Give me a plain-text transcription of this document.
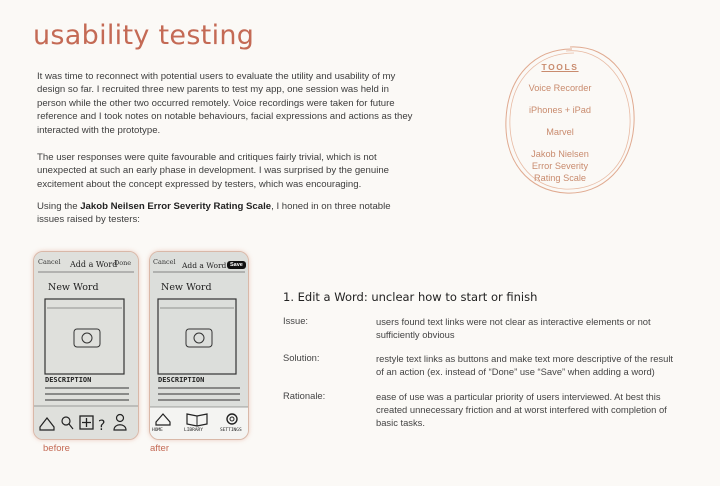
usability testing

It was time to reconnect with potential users to evaluate the utility and usability of my design so far. I recruited three new parents to test my app, one session was held in person while the other two occurred remotely. Voice recordings were taken for future reference and I took notes on notable behaviours, facial expressions and actions as they interacted with the prototype.

The user responses were quite favourable and critiques fairly trivial, which is not unexpected at such an early phase in development. I was surprised by the genuine excitement about the concept expressed by testers, which was encouraging.

Using the Jakob Neilsen Error Severity Rating Scale, I honed in on three notable issues raised by testers:

TOOLS
Voice Recorder
iPhones + iPad
Marvel
Jakob Nielsen
Error Severity
Rating Scale
?
Cancel Add a Word
Done
New Word
DESCRIPTION
before
Cancel Add a Word Save
New Word
DESCRIPTION
HOME	LIBRARY	SETTINGS
after
1. Edit a Word: unclear how to start or finish
Issue:	users found text links were not clear as interactive elements or not sufficiently obvious
Solution:	restyle text links as buttons and make text more descriptive of the result of an action (ex. instead of “Done” use “Save” when adding a word)
Rationale:	ease of use was a particular priority of users interviewed. At best this created unnecessary friction and at worst interfered with completion of basic tasks.
